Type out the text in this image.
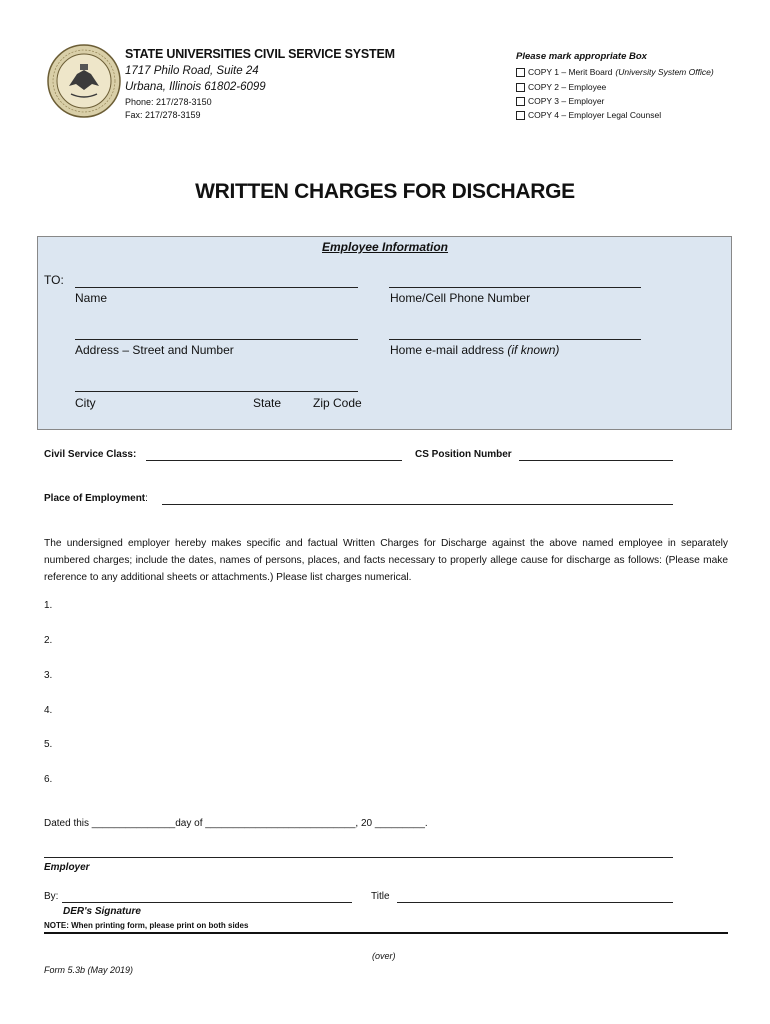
STATE UNIVERSITIES CIVIL SERVICE SYSTEM
1717 Philo Road, Suite 24
Urbana, Illinois 61802-6099
Phone: 217/278-3150
Fax: 217/278-3159
Please mark appropriate Box
COPY 1 – Merit Board (University System Office)
COPY 2 – Employee
COPY 3 – Employer
COPY 4 – Employer Legal Counsel
WRITTEN CHARGES FOR DISCHARGE
Employee Information
TO:
Name	Home/Cell Phone Number
Address – Street and Number	Home e-mail address (if known)
City	State	Zip Code
Civil Service Class:	CS Position Number
Place of Employment:
The undersigned employer hereby makes specific and factual Written Charges for Discharge against the above named employee in separately numbered charges; include the dates, names of persons, places, and facts necessary to properly allege cause for discharge as follows: (Please make reference to any additional sheets or attachments.) Please list charges numerical.
1.
2.
3.
4.
5.
6.
Dated this _______________day of ___________________________, 20 _________.
Employer
By:	Title
DER's Signature
NOTE: When printing form, please print on both sides
(over)
Form 5.3b (May 2019)
